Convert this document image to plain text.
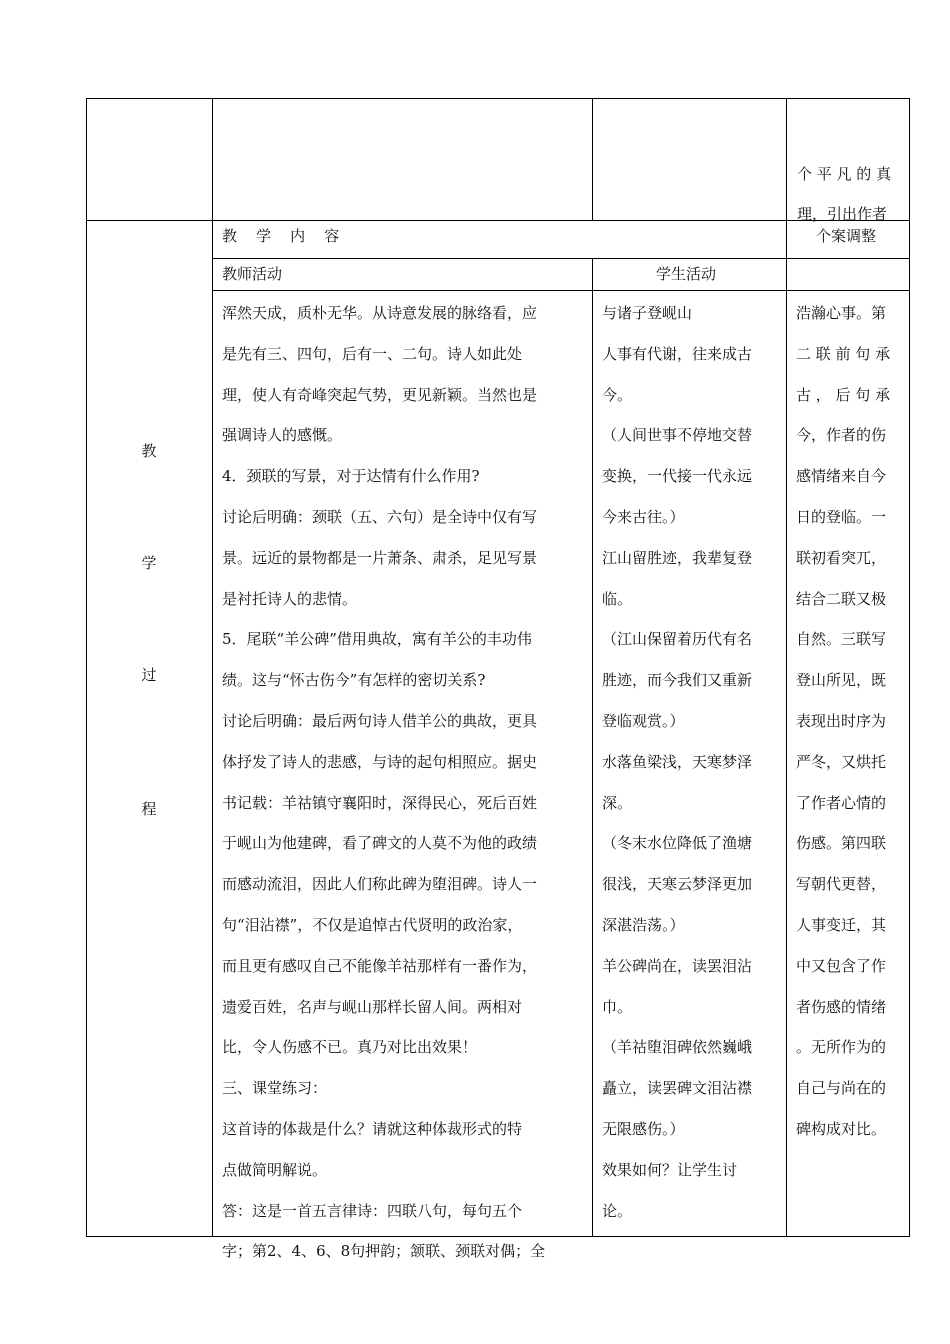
个 平 凡 的 真
理，引出作者
教    学    内    容	个案调整
教师活动	学生活动
教
学
过
程
浑然天成，质朴无华。从诗意发展的脉络看，应
是先有三、四句，后有一、二句。诗人如此处
理，使人有奇峰突起气势，更见新颖。当然也是
强调诗人的感慨。
4．颈联的写景，对于达情有什么作用?
讨论后明确：颈联（五、六句）是全诗中仅有写
景。远近的景物都是一片萧条、肃杀，足见写景
是衬托诗人的悲情。
5．尾联“羊公碑”借用典故，寓有羊公的丰功伟
绩。这与“怀古伤今”有怎样的密切关系?
讨论后明确：最后两句诗人借羊公的典故，更具
体抒发了诗人的悲感，与诗的起句相照应。据史
书记载：羊祜镇守襄阳时，深得民心，死后百姓
于岘山为他建碑，看了碑文的人莫不为他的政绩
而感动流泪，因此人们称此碑为堕泪碑。诗人一
句“泪沾襟”，不仅是追悼古代贤明的政治家，
而且更有感叹自己不能像羊祜那样有一番作为，
遗爱百姓，名声与岘山那样长留人间。两相对
比，令人伤感不已。真乃对比出效果！
三、课堂练习：
这首诗的体裁是什么？请就这种体裁形式的特
点做简明解说。
答：这是一首五言律诗：四联八句，每句五个
字；第2、4、6、8句押韵；颔联、颈联对偶；全
与诸子登岘山
人事有代谢，往来成古
今。
（人间世事不停地交替
变换，一代接一代永远
今来古往。）
江山留胜迹，我辈复登
临。
（江山保留着历代有名
胜迹，而今我们又重新
登临观赏。）
水落鱼梁浅，天寒梦泽
深。
（冬末水位降低了渔塘
很浅，天寒云梦泽更加
深湛浩荡。）
羊公碑尚在，读罢泪沾
巾。
（羊祜堕泪碑依然巍峨
矗立，读罢碑文泪沾襟
无限感伤。）
效果如何？让学生讨
论。
浩瀚心事。第
二 联 前 句 承
古 ， 后 句 承
今，作者的伤
感情绪来自今
日的登临。一
联初看突兀，
结合二联又极
自然。三联写
登山所见，既
表现出时序为
严冬，又烘托
了作者心情的
伤感。第四联
写朝代更替，
人事变迁，其
中又包含了作
者伤感的情绪
。无所作为的
自己与尚在的
碑构成对比。
